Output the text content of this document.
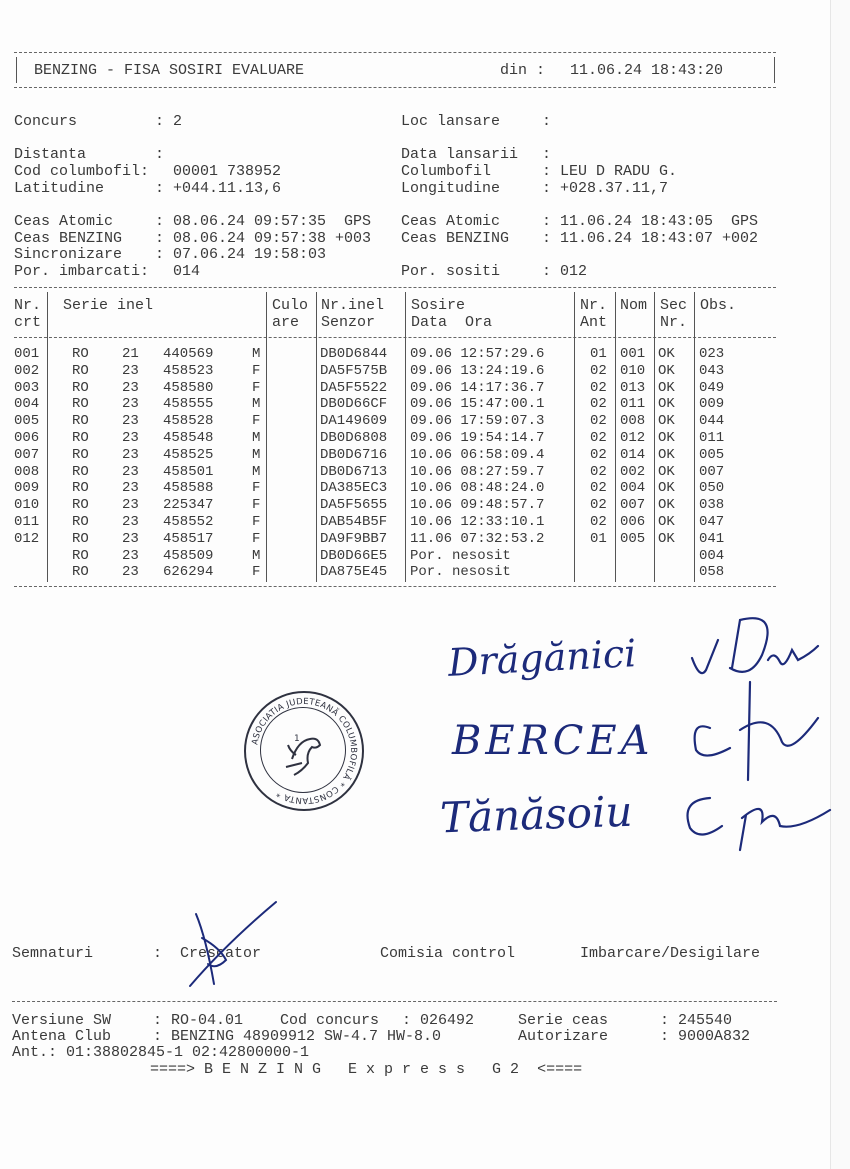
BENZING - FISA SOSIRI EVALUARE	din : 11.06.24 18:43:20
Concurs	: 2	Loc lansare	:
Distanta	:	Data lansarii :
Cod columbofil: 00001 738952	Columbofil	: LEU D RADU G.
Latitudine	: +044.11.13,6	Longitudine	: +028.37.11,7
Ceas Atomic	: 08.06.24 09:57:35  GPS Ceas Atomic	: 11.06.24 18:43:05  GPS
Ceas BENZING : 08.06.24 09:57:38 +003 Ceas BENZING : 11.06.24 18:43:07 +002
Sincronizare : 07.06.24 19:58:03
Por. imbarcati: 014	Por. sositi	: 012
Nr.
crt
Serie inel	Culo
are
Nr.inel
Senzor
Sosire
Data  Ora
Nr.
Ant
Nom Sec
Nr.
Obs.
001 RO 21 440569	M	DB0D6844 09.06 12:57:29.6	01 001 OK 023
002 RO 23 458523	F	DA5F575B 09.06 13:24:19.6	02 010 OK 043
003 RO 23 458580	F	DA5F5522 09.06 14:17:36.7	02 013 OK 049
004 RO 23 458555	M	DB0D66CF 09.06 15:47:00.1	02 011 OK 009
005 RO 23 458528	F	DA149609 09.06 17:59:07.3	02 008 OK 044
006 RO 23 458548	M	DB0D6808 09.06 19:54:14.7	02 012 OK 011
007 RO 23 458525	M	DB0D6716 10.06 06:58:09.4	02 014 OK 005
008 RO 23 458501	M	DB0D6713 10.06 08:27:59.7	02 002 OK 007
009 RO 23 458588	F	DA385EC3 10.06 08:48:24.0	02 004 OK 050
010 RO 23 225347	F	DA5F5655 10.06 09:48:57.7	02 007 OK 038
011 RO 23 458552	F	DAB54B5F 10.06 12:33:10.1	02 006 OK 047
012 RO 23 458517	F	DA9F9BB7 11.06 07:32:53.2	01 005 OK 041
RO 23 458509	M	DB0D66E5 Por. nesosit	004
RO 23 626294	F	DA875E45 Por. nesosit	058
Drăgănici
BERCEA
Tănăsoiu
ASOCIATIA JUDETEANĂ COLUMBOFILĂ * CONSTANTA *
1
Semnaturi	: Crescator	Comisia control	Imbarcare/Desigilare
Versiune SW	: RO-04.01 Cod concurs : 026492	Serie ceas	: 245540
Antena Club	: BENZING 48909912 SW-4.7 HW-8.0	Autorizare	: 9000A832
Ant.: 01:38802845-1 02:42800000-1
====> B E N Z I N G   E x p r e s s   G 2  <====
